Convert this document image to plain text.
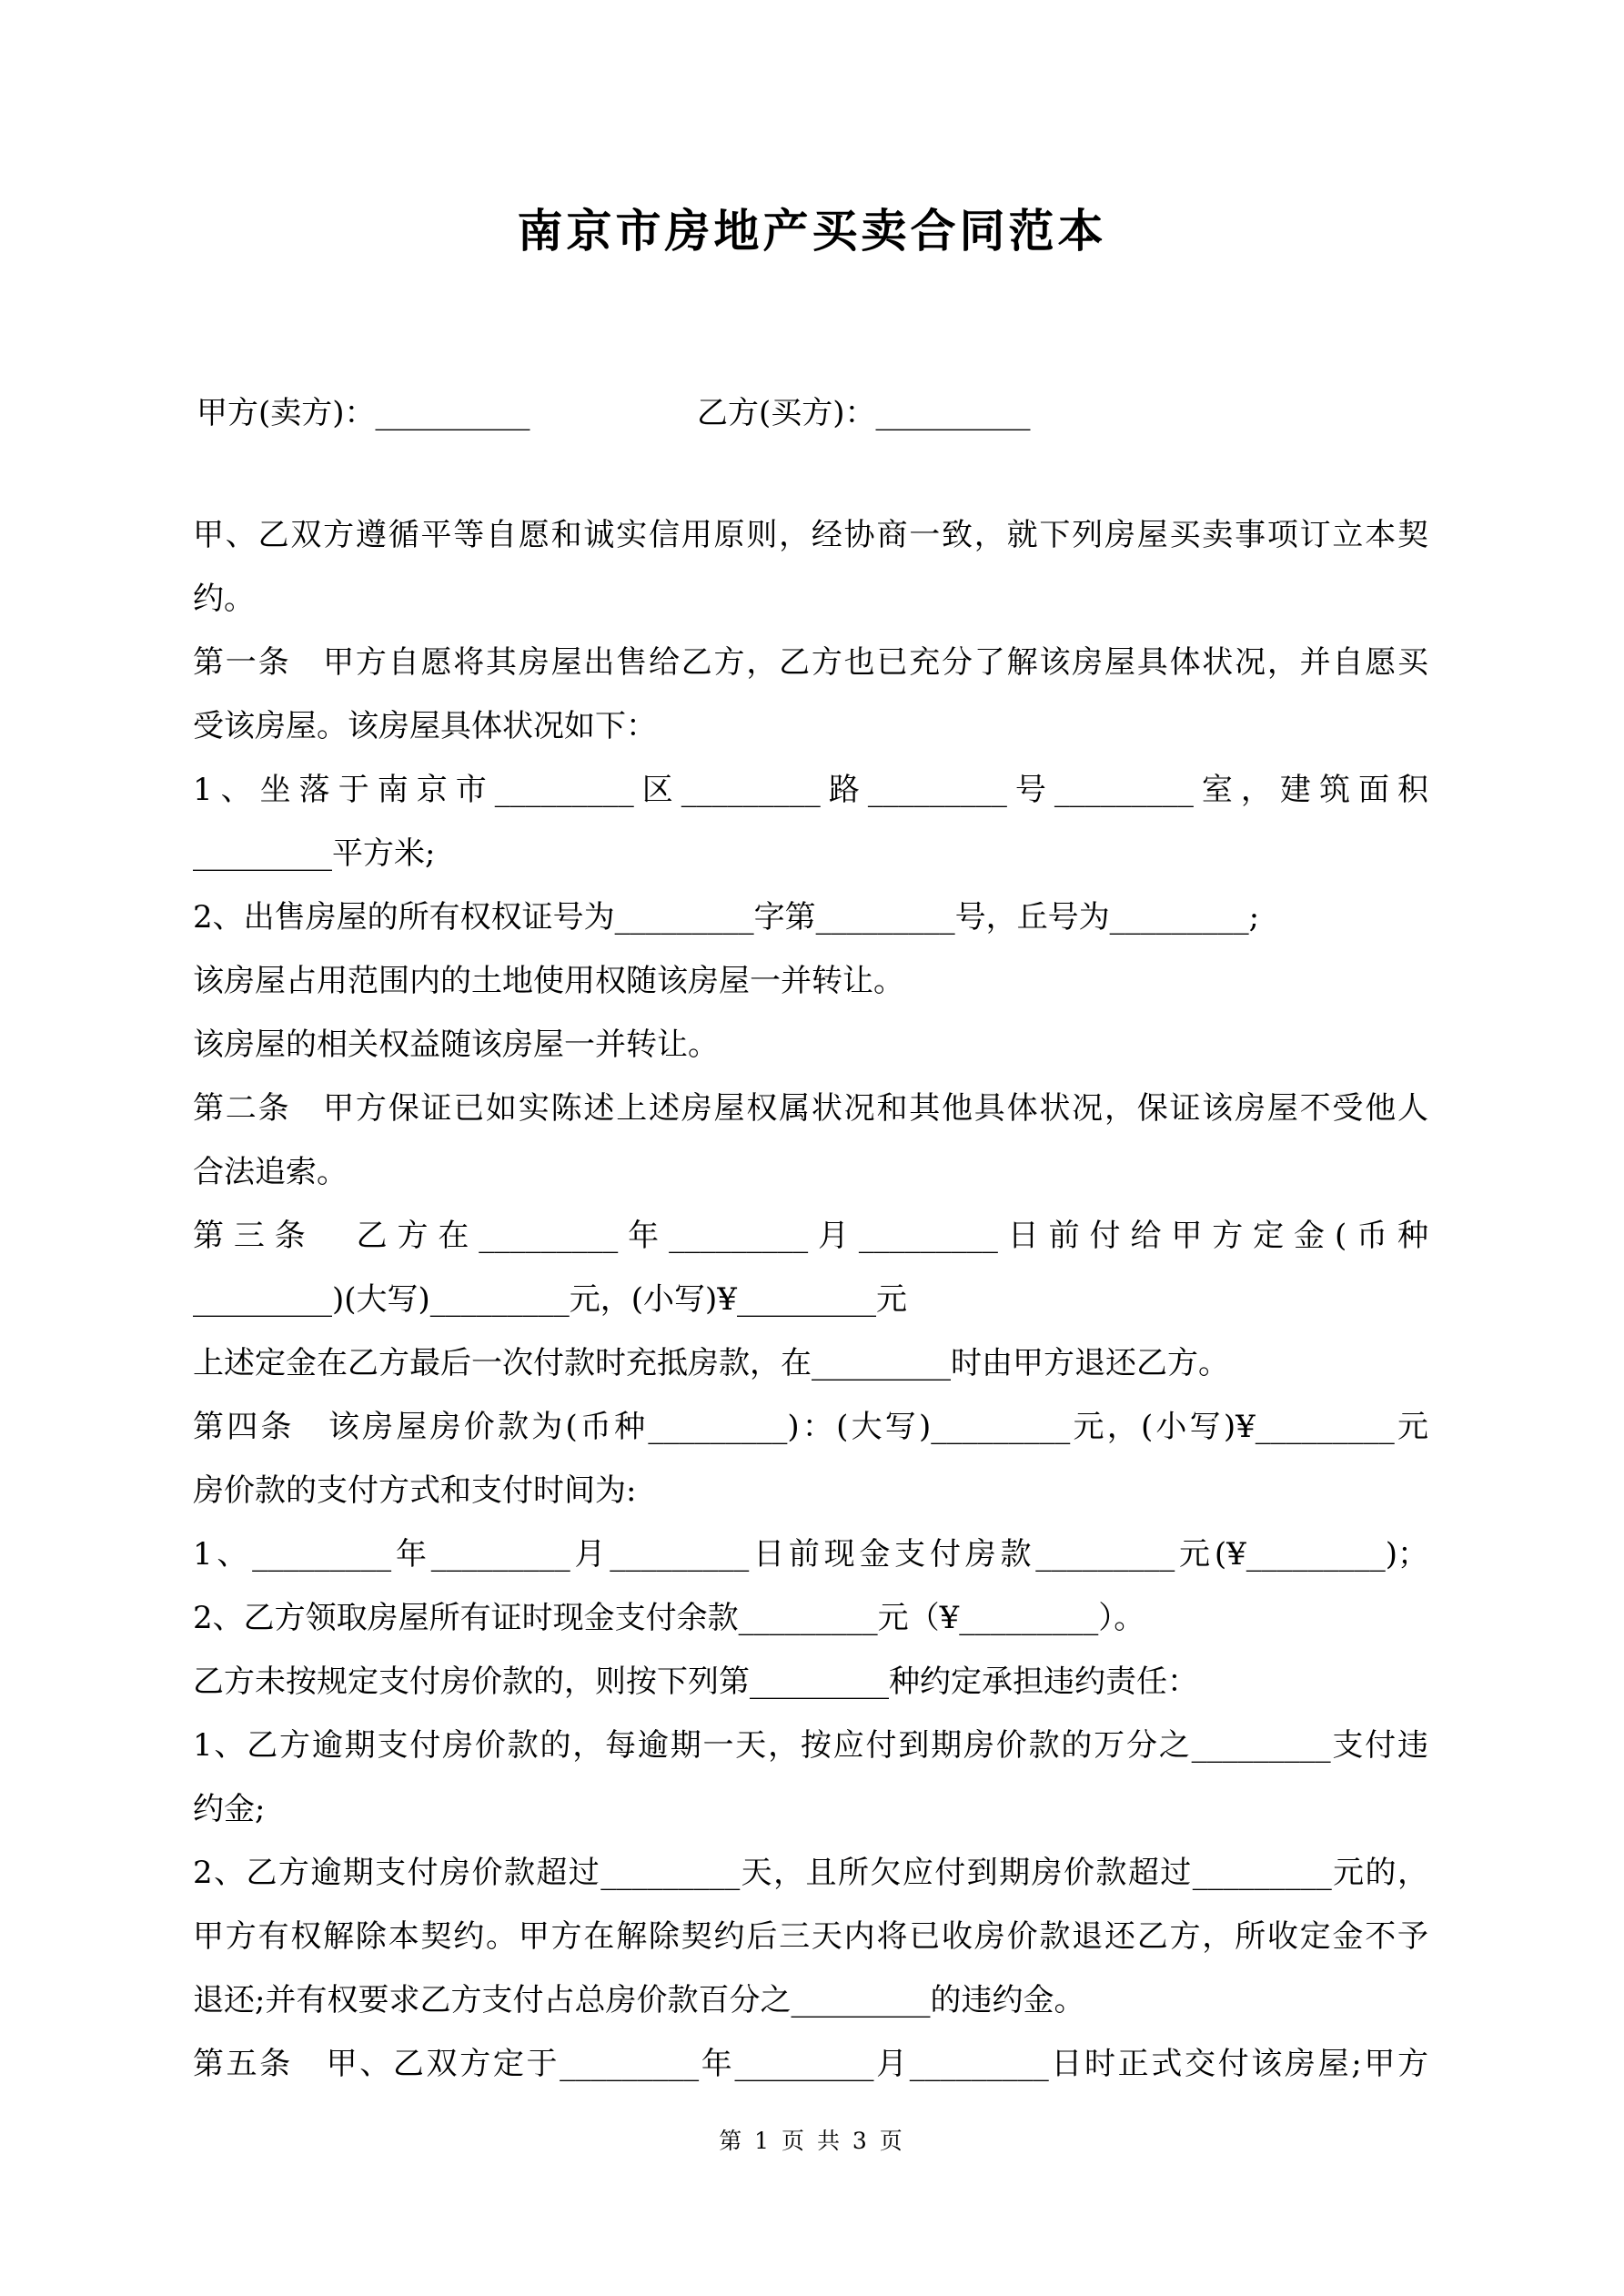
南京市房地产买卖合同范本
甲方(卖方)：__________	乙方(买方)：__________
甲、乙双方遵循平等自愿和诚实信用原则，经协商一致，就下列房屋买卖事项订立本契
约。
第一条　甲方自愿将其房屋出售给乙方，乙方也已充分了解该房屋具体状况，并自愿买
受该房屋。该房屋具体状况如下：
1、坐落于南京市_________区_________路_________号_________室，建筑面积
_________平方米;
2、出售房屋的所有权权证号为_________字第_________号，丘号为_________;
该房屋占用范围内的土地使用权随该房屋一并转让。
该房屋的相关权益随该房屋一并转让。
第二条　甲方保证已如实陈述上述房屋权属状况和其他具体状况，保证该房屋不受他人
合法追索。
第三条　乙方在_________年_________月_________日前付给甲方定金(币种
_________)(大写)_________元，(小写)¥_________元
上述定金在乙方最后一次付款时充抵房款，在_________时由甲方退还乙方。
第四条　该房屋房价款为(币种_________)：(大写)_________元，(小写)¥_________元
房价款的支付方式和支付时间为:
1、_________年_________月_________日前现金支付房款_________元(¥_________)；
2、乙方领取房屋所有证时现金支付余款_________元（¥_________）。
乙方未按规定支付房价款的，则按下列第_________种约定承担违约责任：
1、乙方逾期支付房价款的，每逾期一天，按应付到期房价款的万分之_________支付违
约金;
2、乙方逾期支付房价款超过_________天，且所欠应付到期房价款超过_________元的，
甲方有权解除本契约。甲方在解除契约后三天内将已收房价款退还乙方，所收定金不予
退还;并有权要求乙方支付占总房价款百分之_________的违约金。
第五条　甲、乙双方定于_________年_________月_________日时正式交付该房屋;甲方
第 1 页 共 3 页
